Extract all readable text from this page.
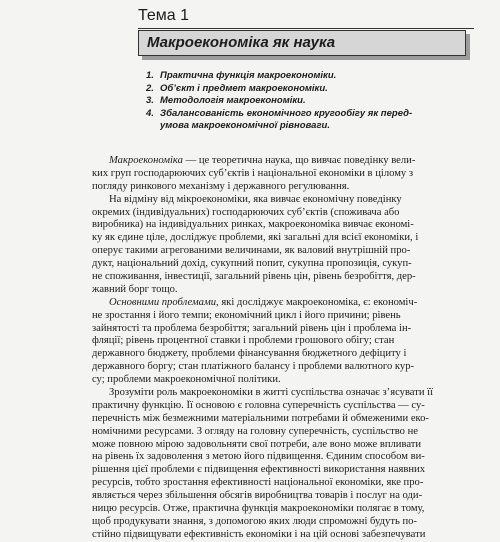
Тема 1
Макроекономіка як наука
1. Практична функція макроекономіки.
2. Об’єкт і предмет макроекономіки.
3. Методологія макроекономіки.
4. Збалансованість економічного кругообігу як перед-
умова макроекономічної рівноваги.
Макроекономіка — це теоретична наука, що вивчає поведінку вели-
ких груп господарюючих суб’єктів і національної економіки в цілому з
погляду ринкового механізму і державного регулювання.
На відміну від мікроекономіки, яка вивчає економічну поведінку
окремих (індивідуальних) господарюючих суб’єктів (споживача або
виробника) на індивідуальних ринках, макроекономіка вивчає економі-
ку як єдине ціле, досліджує проблеми, які загальні для всієї економіки, і
оперує такими агрегованими величинами, як валовий внутрішній про-
дукт, національний дохід, сукупний попит, сукупна пропозиція, сукуп-
не споживання, інвестиції, загальний рівень цін, рівень безробіття, дер-
жавний борг тощо.
Основними проблемами, які досліджує макроекономіка, є: економіч-
не зростання і його темпи; економічний цикл і його причини; рівень
зайнятості та проблема безробіття; загальний рівень цін і проблема ін-
фляції; рівень процентної ставки і проблеми грошового обігу; стан
державного бюджету, проблеми фінансування бюджетного дефіциту і
державного боргу; стан платіжного балансу і проблеми валютного кур-
су; проблеми макроекономічної політики.
Зрозуміти роль макроекономіки в житті суспільства означає з’ясувати її
практичну функцію. Її основою є головна суперечність суспільства — су-
перечність між безмежними матеріальними потребами й обмеженими еко-
номічними ресурсами. З огляду на головну суперечність, суспільство не
може повною мірою задовольняти свої потреби, але воно може впливати
на рівень їх задоволення з метою його підвищення. Єдиним способом ви-
рішення цієї проблеми є підвищення ефективності використання наявних
ресурсів, тобто зростання ефективності національної економіки, яке про-
являється через збільшення обсягів виробництва товарів і послуг на оди-
ницю ресурсів. Отже, практична функція макроекономіки полягає в тому,
щоб продукувати знання, з допомогою яких люди спроможні будуть по-
стійно підвищувати ефективність економіки і на цій основі забезпечувати
